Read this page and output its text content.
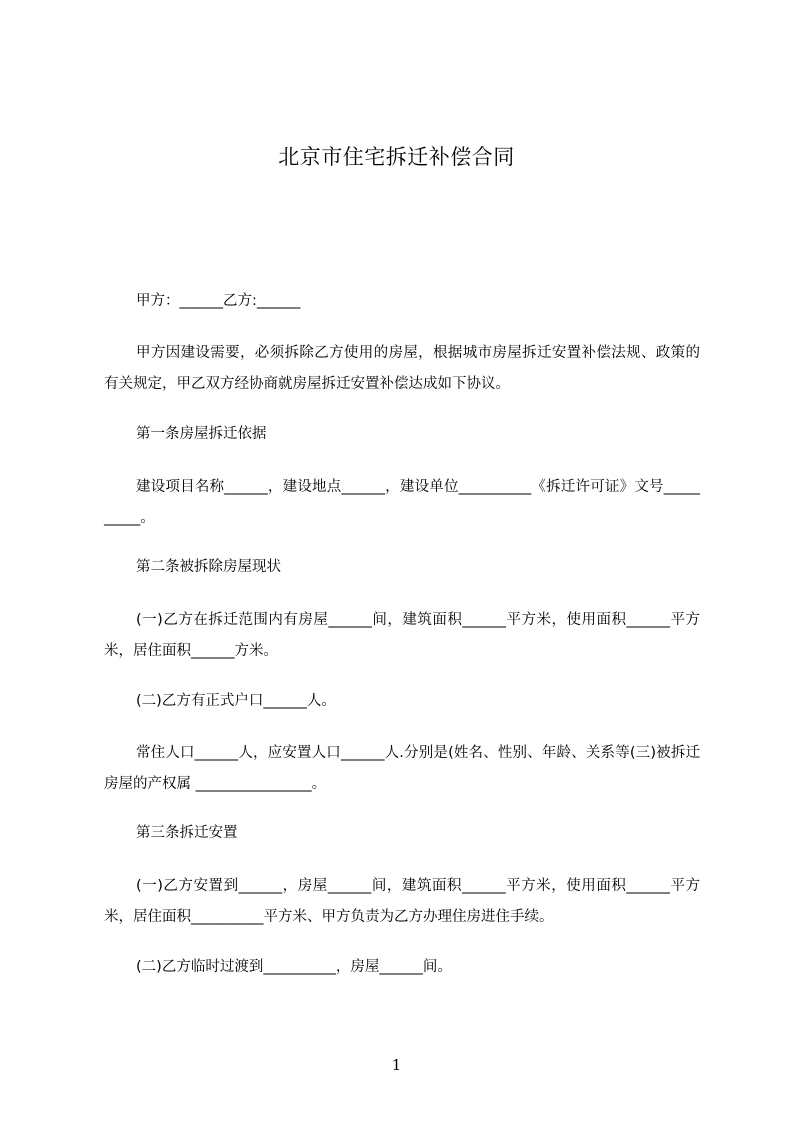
北京市住宅拆迁补偿合同

甲方：______乙方:______

甲方因建设需要，必须拆除乙方使用的房屋，根据城市房屋拆迁安置补偿法规、政策的有关规定，甲乙双方经协商就房屋拆迁安置补偿达成如下协议。

第一条房屋拆迁依据

建设项目名称______，建设地点______，建设单位__________《拆迁许可证》文号__________。

第二条被拆除房屋现状

(一)乙方在拆迁范围内有房屋______间，建筑面积______平方米，使用面积______平方米，居住面积______方米。

(二)乙方有正式户口______人。

常住人口______人，应安置人口______人.分别是(姓名、性别、年龄、关系等(三)被拆迁房屋的产权属 ________________。

第三条拆迁安置

(一)乙方安置到______，房屋______间，建筑面积______平方米，使用面积______平方米，居住面积__________平方米、甲方负责为乙方办理住房进住手续。

(二)乙方临时过渡到__________，房屋______间。

1
